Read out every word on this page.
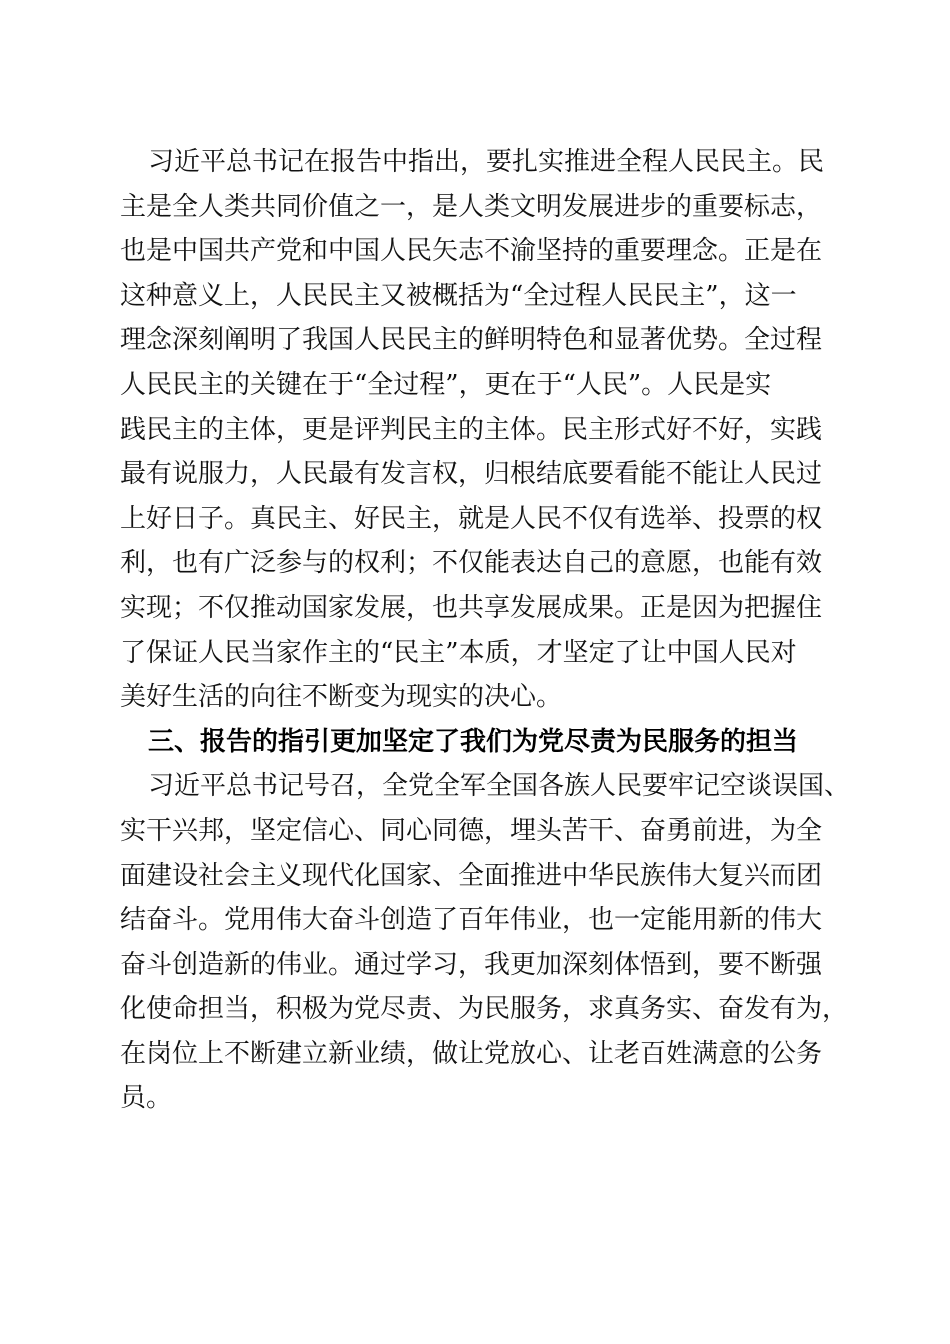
习近平总书记在报告中指出，要扎实推进全程人民民主。民
主是全人类共同价值之一，是人类文明发展进步的重要标志，
也是中国共产党和中国人民矢志不渝坚持的重要理念。正是在
这种意义上，人民民主又被概括为“全过程人民民主”，这一
理念深刻阐明了我国人民民主的鲜明特色和显著优势。全过程
人民民主的关键在于“全过程”，更在于“人民”。人民是实
践民主的主体，更是评判民主的主体。民主形式好不好，实践
最有说服力，人民最有发言权，归根结底要看能不能让人民过
上好日子。真民主、好民主，就是人民不仅有选举、投票的权
利，也有广泛参与的权利；不仅能表达自己的意愿，也能有效
实现；不仅推动国家发展，也共享发展成果。正是因为把握住
了保证人民当家作主的“民主”本质，才坚定了让中国人民对
美好生活的向往不断变为现实的决心。
三、报告的指引更加坚定了我们为党尽责为民服务的担当
习近平总书记号召，全党全军全国各族人民要牢记空谈误国、
实干兴邦，坚定信心、同心同德，埋头苦干、奋勇前进，为全
面建设社会主义现代化国家、全面推进中华民族伟大复兴而团
结奋斗。党用伟大奋斗创造了百年伟业，也一定能用新的伟大
奋斗创造新的伟业。通过学习，我更加深刻体悟到，要不断强
化使命担当，积极为党尽责、为民服务，求真务实、奋发有为，
在岗位上不断建立新业绩，做让党放心、让老百姓满意的公务
员。
